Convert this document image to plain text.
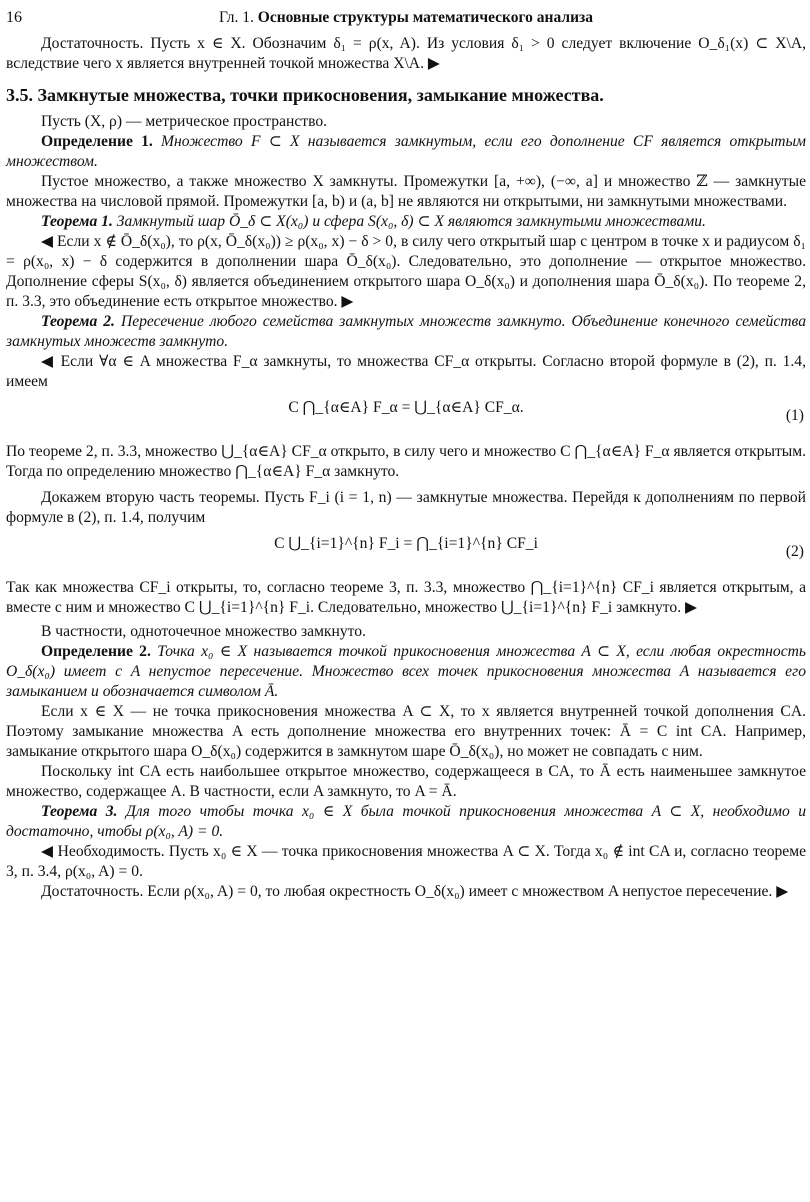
16	Гл. 1. Основные структуры математического анализа

Достаточность. Пусть x ∈ X. Обозначим δ₁ = ρ(x, A). Из условия δ₁ > 0 следует включение O_δ₁(x) ⊂ X\A, вследствие чего x является внутренней точкой множества X\A. ▶

3.5. Замкнутые множества, точки прикосновения, замыкание множества.

Пусть (X, ρ) — метрическое пространство.

Определение 1. Множество F ⊂ X называется замкнутым, если его дополнение CF является открытым множеством.

Пустое множество, а также множество X замкнуты. Промежутки [a, +∞), (−∞, a] и множество ℤ — замкнутые множества на числовой прямой. Промежутки [a, b) и (a, b] не являются ни открытыми, ни замкнутыми множествами.

Теорема 1. Замкнутый шар Ō_δ ⊂ X(x₀) и сфера S(x₀, δ) ⊂ X являются замкнутыми множествами.

◀ Если x ∉ Ō_δ(x₀), то ρ(x, Ō_δ(x₀)) ≥ ρ(x₀, x) − δ > 0, в силу чего открытый шар с центром в точке x и радиусом δ₁ = ρ(x₀, x) − δ содержится в дополнении шара Ō_δ(x₀). Следовательно, это дополнение — открытое множество. Дополнение сферы S(x₀, δ) является объединением открытого шара O_δ(x₀) и дополнения шара Ō_δ(x₀). По теореме 2, п. 3.3, это объединение есть открытое множество. ▶

Теорема 2. Пересечение любого семейства замкнутых множеств замкнуто. Объединение конечного семейства замкнутых множеств замкнуто.

◀ Если ∀α ∈ A множества F_α замкнуты, то множества CF_α открыты. Согласно второй формуле в (2), п. 1.4, имеем

C ⋂_{α∈A} F_α = ⋃_{α∈A} CF_α.	(1)

По теореме 2, п. 3.3, множество ⋃_{α∈A} CF_α открыто, в силу чего и множество C ⋂_{α∈A} F_α является открытым. Тогда по определению множество ⋂_{α∈A} F_α замкнуто.

Докажем вторую часть теоремы. Пусть F_i (i = 1, n) — замкнутые множества. Перейдя к дополнениям по первой формуле в (2), п. 1.4, получим

C ⋃_{i=1}^{n} F_i = ⋂_{i=1}^{n} CF_i	(2)

Так как множества CF_i открыты, то, согласно теореме 3, п. 3.3, множество ⋂_{i=1}^{n} CF_i является открытым, а вместе с ним и множество C ⋃_{i=1}^{n} F_i. Следовательно, множество ⋃_{i=1}^{n} F_i замкнуто. ▶

В частности, одноточечное множество замкнуто.

Определение 2. Точка x₀ ∈ X называется точкой прикосновения множества A ⊂ X, если любая окрестность O_δ(x₀) имеет с A непустое пересечение. Множество всех точек прикосновения множества A называется его замыканием и обозначается символом Ā.

Если x ∈ X — не точка прикосновения множества A ⊂ X, то x является внутренней точкой дополнения CA. Поэтому замыкание множества A есть дополнение множества его внутренних точек: Ā = C int CA. Например, замыкание открытого шара O_δ(x₀) содержится в замкнутом шаре Ō_δ(x₀), но может не совпадать с ним.

Поскольку int CA есть наибольшее открытое множество, содержащееся в CA, то Ā есть наименьшее замкнутое множество, содержащее A. В частности, если A замкнуто, то A = Ā.

Теорема 3. Для того чтобы точка x₀ ∈ X была точкой прикосновения множества A ⊂ X, необходимо и достаточно, чтобы ρ(x₀, A) = 0.

◀ Необходимость. Пусть x₀ ∈ X — точка прикосновения множества A ⊂ X. Тогда x₀ ∉ int CA и, согласно теореме 3, п. 3.4, ρ(x₀, A) = 0.

Достаточность. Если ρ(x₀, A) = 0, то любая окрестность O_δ(x₀) имеет с множеством A непустое пересечение. ▶
